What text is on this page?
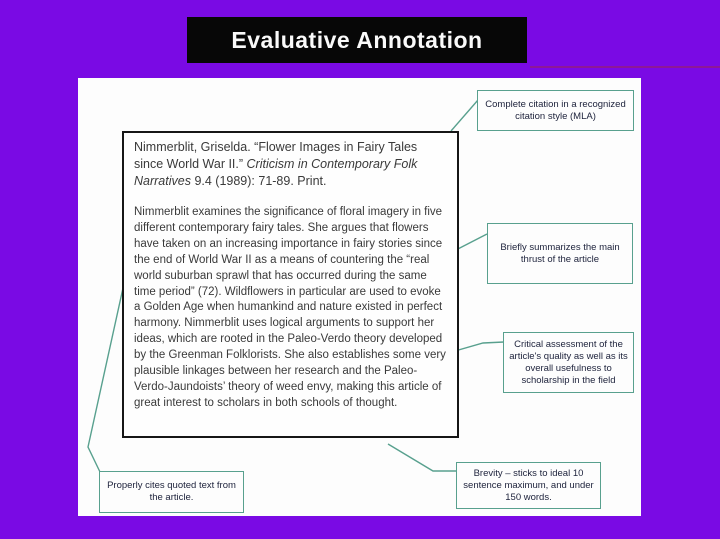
Evaluative Annotation

Nimmerblit, Griselda. “Flower Images in Fairy Tales since World War II.” Criticism in Contemporary Folk Narratives 9.4 (1989): 71-89. Print.

Nimmerblit examines the significance of floral imagery in five different contemporary fairy tales. She argues that flowers have taken on an increasing importance in fairy stories since the end of World War II as a means of countering the “real world suburban sprawl that has occurred during the same time period” (72). Wildflowers in particular are used to evoke a Golden Age when humankind and nature existed in perfect harmony. Nimmerblit uses logical arguments to support her ideas, which are rooted in the Paleo-Verdo theory developed by the Greenman Folklorists. She also establishes some very plausible linkages between her research and the Paleo-Verdo-Jaundoists’ theory of weed envy, making this article of great interest to scholars in both schools of thought.

Complete citation in a recognized citation style (MLA)
Briefly summarizes the main thrust of the article
Critical assessment of the article's quality as well as its overall usefulness to scholarship in the field
Brevity – sticks to ideal 10 sentence maximum, and under 150 words.
Properly cites quoted text from the article.
